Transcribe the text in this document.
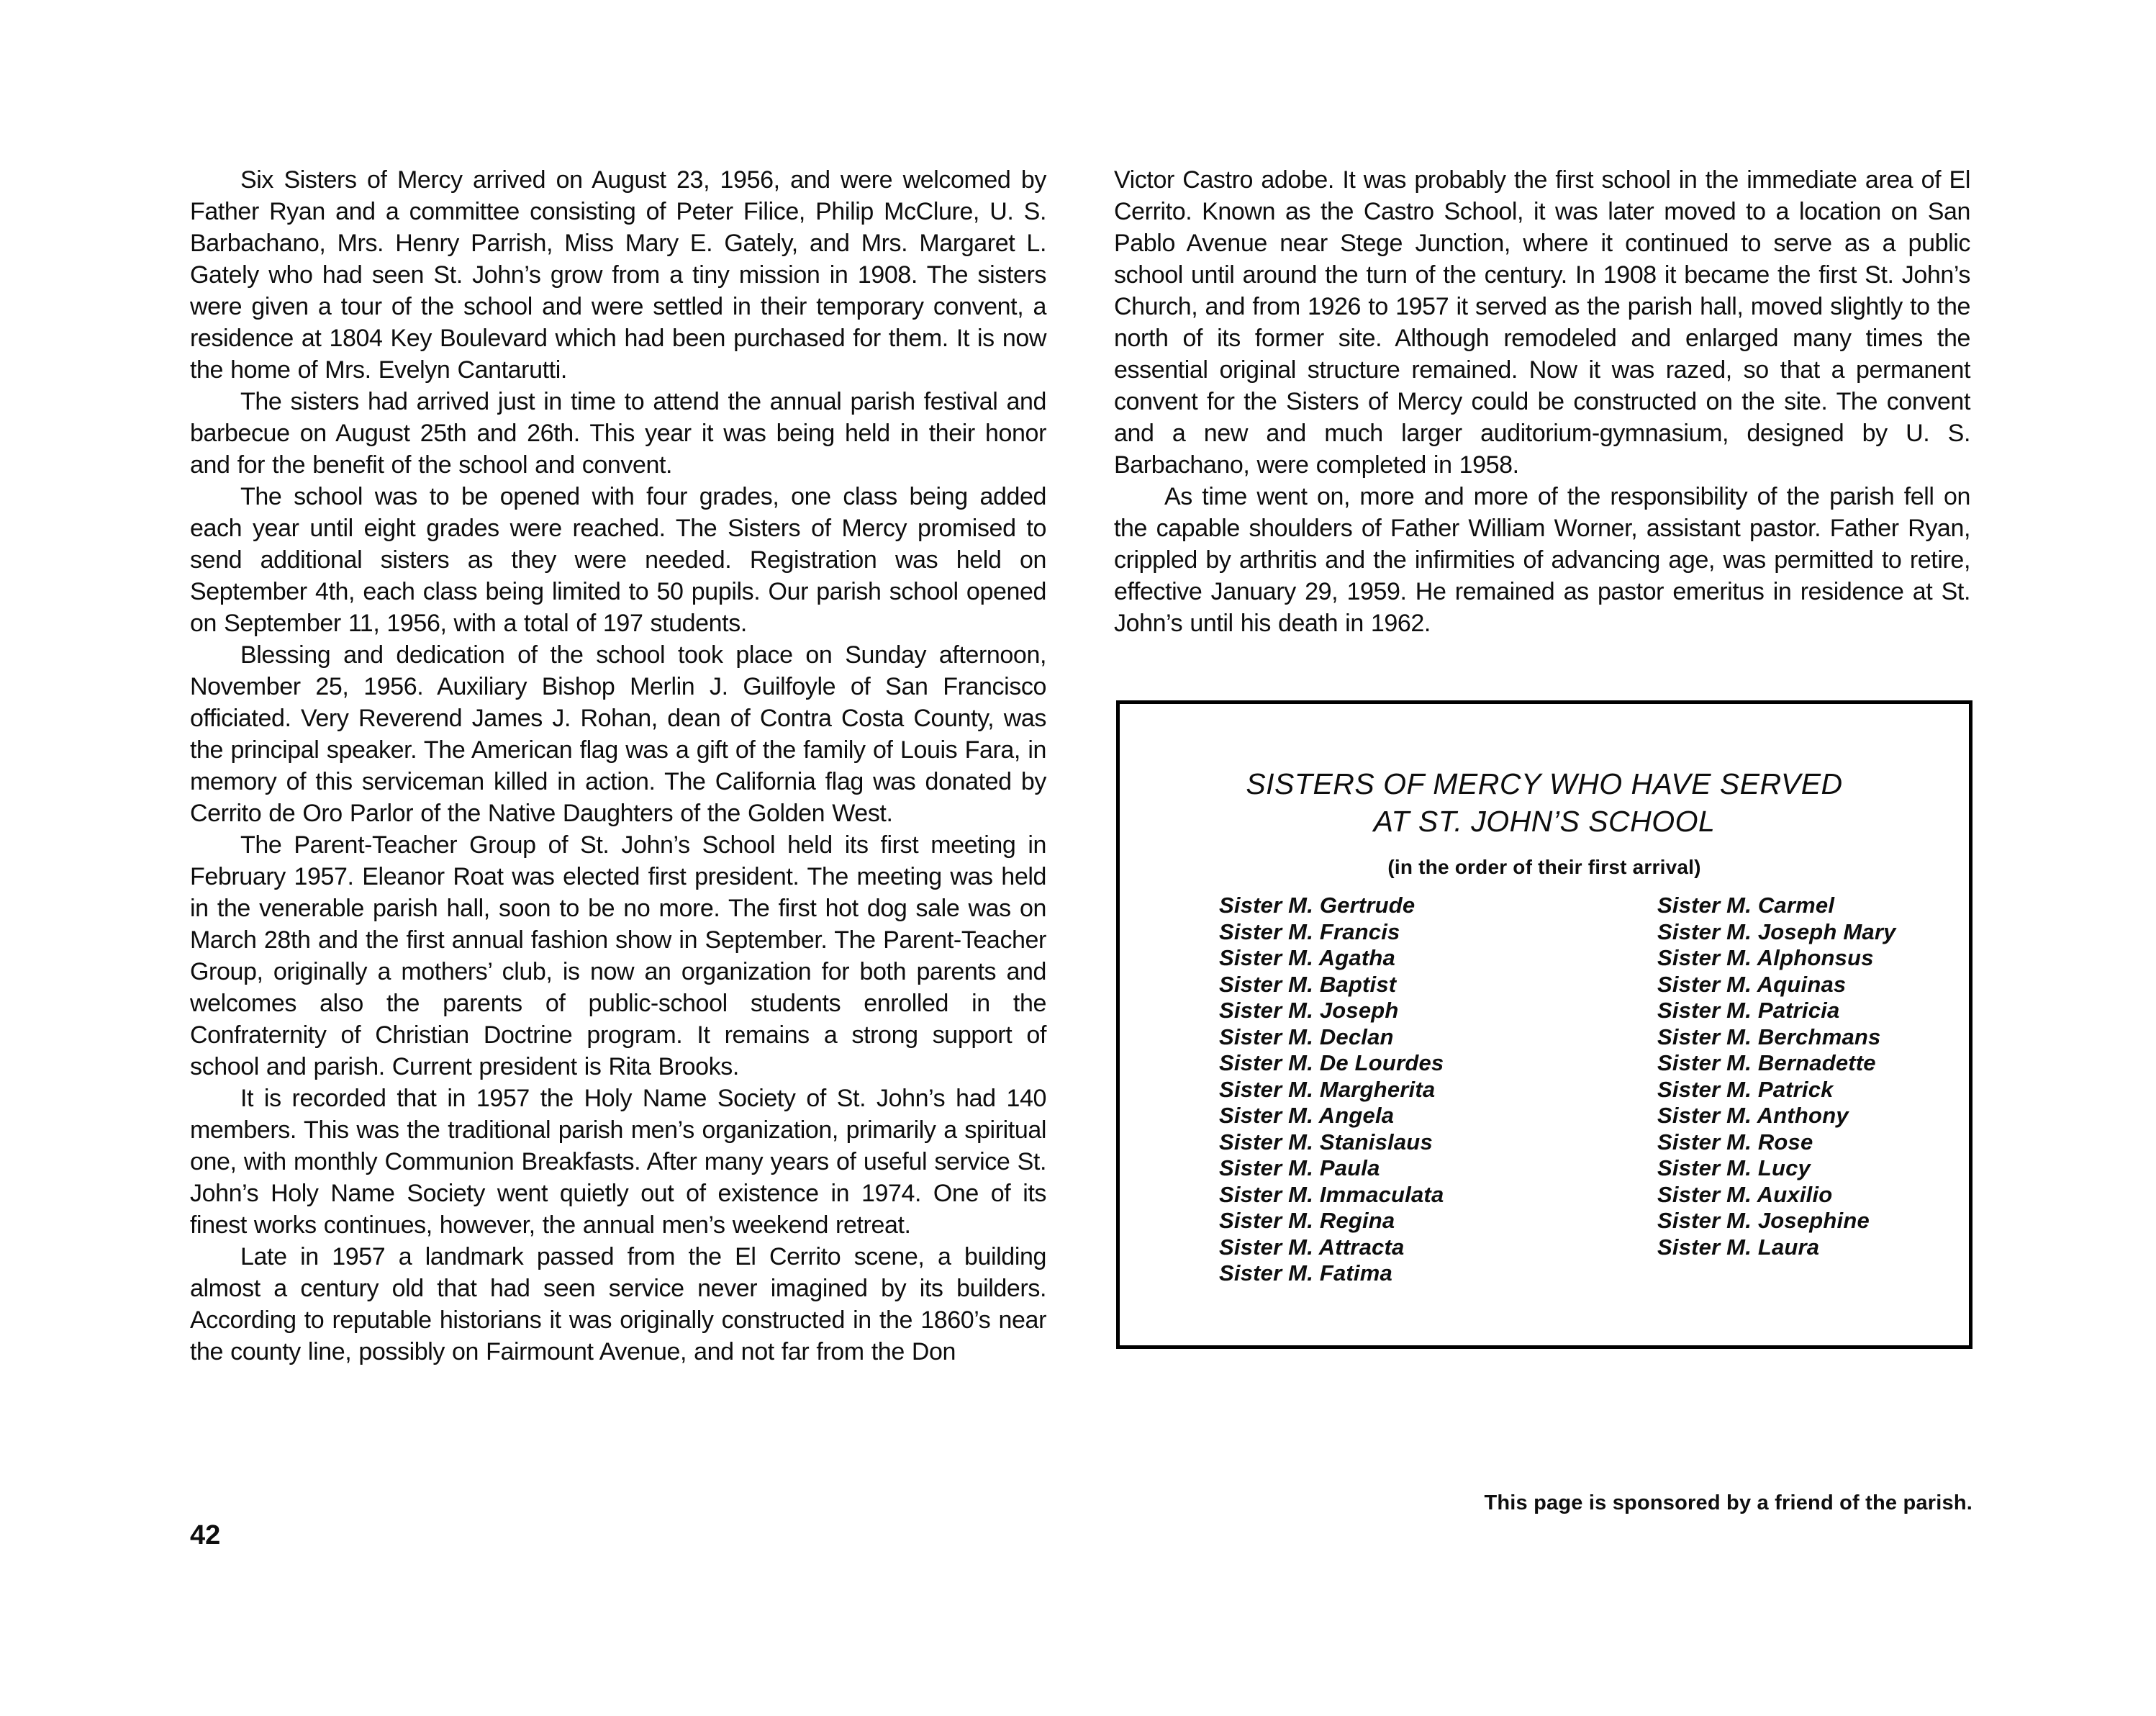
Six Sisters of Mercy arrived on August 23, 1956, and were welcomed by Father Ryan and a committee consisting of Peter Filice, Philip McClure, U. S. Barbachano, Mrs. Henry Parrish, Miss Mary E. Gately, and Mrs. Margaret L. Gately who had seen St. John’s grow from a tiny mission in 1908. The sisters were given a tour of the school and were settled in their temporary convent, a residence at 1804 Key Boulevard which had been purchased for them. It is now the home of Mrs. Evelyn Cantarutti.
The sisters had arrived just in time to attend the annual parish festival and barbecue on August 25th and 26th. This year it was being held in their honor and for the benefit of the school and convent.
The school was to be opened with four grades, one class being added each year until eight grades were reached. The Sisters of Mercy promised to send additional sisters as they were needed. Registration was held on September 4th, each class being limited to 50 pupils. Our parish school opened on September 11, 1956, with a total of 197 students.
Blessing and dedication of the school took place on Sunday afternoon, November 25, 1956. Auxiliary Bishop Merlin J. Guilfoyle of San Francisco officiated. Very Reverend James J. Rohan, dean of Contra Costa County, was the principal speaker. The American flag was a gift of the family of Louis Fara, in memory of this serviceman killed in action. The California flag was donated by Cerrito de Oro Parlor of the Native Daughters of the Golden West.
The Parent-Teacher Group of St. John’s School held its first meeting in February 1957. Eleanor Roat was elected first president. The meeting was held in the venerable parish hall, soon to be no more. The first hot dog sale was on March 28th and the first annual fashion show in September. The Parent-Teacher Group, originally a mothers’ club, is now an organization for both parents and welcomes also the parents of public-school students enrolled in the Confraternity of Christian Doctrine program. It remains a strong support of school and parish. Current president is Rita Brooks.
It is recorded that in 1957 the Holy Name Society of St. John’s had 140 members. This was the traditional parish men’s organization, primarily a spiritual one, with monthly Communion Breakfasts. After many years of useful service St. John’s Holy Name Society went quietly out of existence in 1974. One of its finest works continues, however, the annual men’s weekend retreat.
Late in 1957 a landmark passed from the El Cerrito scene, a building almost a century old that had seen service never imagined by its builders. According to reputable historians it was originally constructed in the 1860’s near the county line, possibly on Fairmount Avenue, and not far from the Don
Victor Castro adobe. It was probably the first school in the immediate area of El Cerrito. Known as the Castro School, it was later moved to a location on San Pablo Avenue near Stege Junction, where it continued to serve as a public school until around the turn of the century. In 1908 it became the first St. John’s Church, and from 1926 to 1957 it served as the parish hall, moved slightly to the north of its former site. Although remodeled and enlarged many times the essential original structure remained. Now it was razed, so that a permanent convent for the Sisters of Mercy could be constructed on the site. The convent and a new and much larger auditorium-gymnasium, designed by U. S. Barbachano, were completed in 1958.
As time went on, more and more of the responsibility of the parish fell on the capable shoulders of Father William Worner, assistant pastor. Father Ryan, crippled by arthritis and the infirmities of advancing age, was permitted to retire, effective January 29, 1959. He remained as pastor emeritus in residence at St. John’s until his death in 1962.
SISTERS OF MERCY WHO HAVE SERVED
AT ST. JOHN’S SCHOOL
(in the order of their first arrival)
Sister M. Gertrude
Sister M. Francis
Sister M. Agatha
Sister M. Baptist
Sister M. Joseph
Sister M. Declan
Sister M. De Lourdes
Sister M. Margherita
Sister M. Angela
Sister M. Stanislaus
Sister M. Paula
Sister M. Immaculata
Sister M. Regina
Sister M. Attracta
Sister M. Fatima
Sister M. Carmel
Sister M. Joseph Mary
Sister M. Alphonsus
Sister M. Aquinas
Sister M. Patricia
Sister M. Berchmans
Sister M. Bernadette
Sister M. Patrick
Sister M. Anthony
Sister M. Rose
Sister M. Lucy
Sister M. Auxilio
Sister M. Josephine
Sister M. Laura
This page is sponsored by a friend of the parish.
42
